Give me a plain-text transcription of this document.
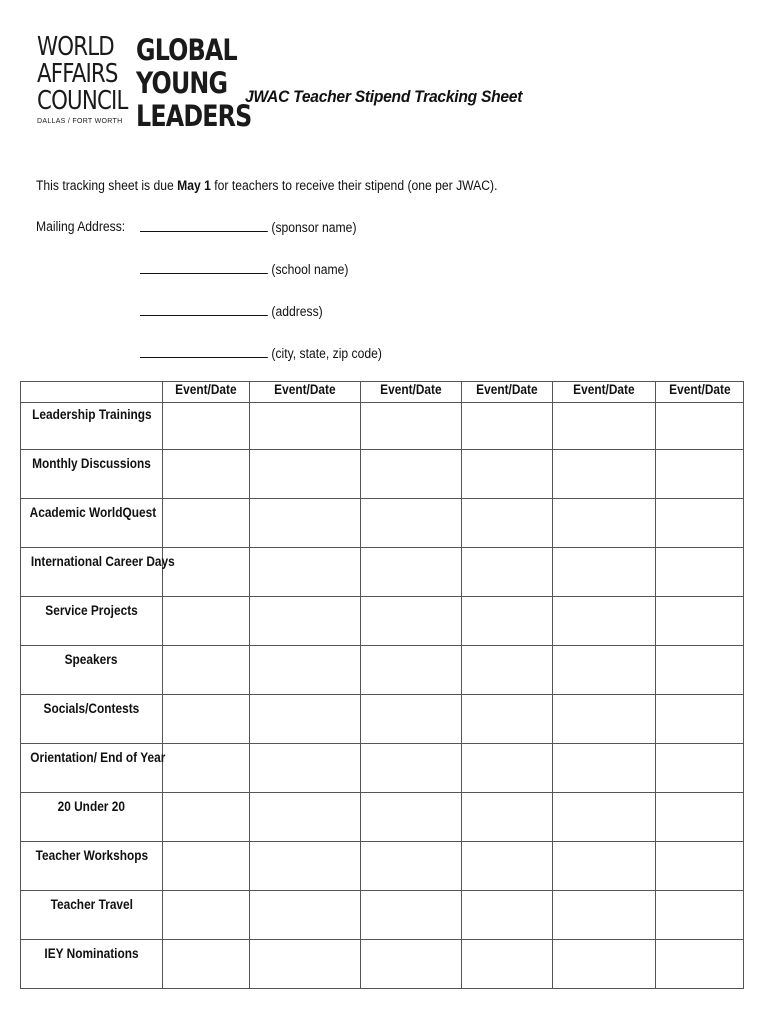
WORLD
AFFAIRS
COUNCIL
DALLAS / FORT WORTH
GLOBAL
YOUNG
LEADERS
JWAC Teacher Stipend Tracking Sheet
This tracking sheet is due May 1 for teachers to receive their stipend (one per JWAC).
Mailing Address:	(sponsor name)
(school name)
(address)
(city, state, zip code)
	Event/Date	Event/Date	Event/Date	Event/Date	Event/Date	Event/Date
Leadership Trainings						
Monthly Discussions						
Academic WorldQuest						
International Career Days						
Service Projects						
Speakers						
Socials/Contests						
Orientation/ End of Year						
20 Under 20						
Teacher Workshops						
Teacher Travel						
IEY Nominations						
